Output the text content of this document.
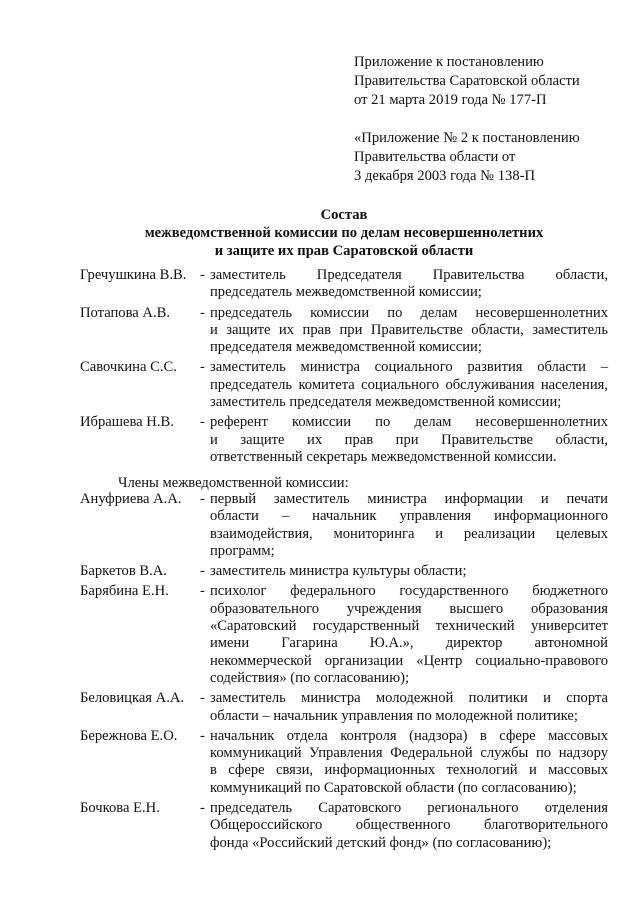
Приложение к постановлению
Правительства Саратовской области
от 21 марта 2019 года № 177-П
«Приложение № 2 к постановлению
Правительства области от
3 декабря 2003 года № 138-П
Состав
межведомственной комиссии по делам несовершеннолетних
и защите их прав Саратовской области
Гречушкина В.В. - заместитель Председателя Правительства области,
председатель межведомственной комиссии;
Потапова А.В. - председатель комиссии по делам несовершеннолетних
и защите их прав при Правительстве области, заместитель
председателя межведомственной комиссии;
Савочкина С.С. - заместитель министра социального развития области –
председатель комитета социального обслуживания населения,
заместитель председателя межведомственной комиссии;
Ибрашева Н.В. - референт комиссии по делам несовершеннолетних
и защите их прав при Правительстве области,
ответственный секретарь межведомственной комиссии.
Члены межведомственной комиссии:
Ануфриева А.А. - первый заместитель министра информации и печати
области – начальник управления информационного
взаимодействия, мониторинга и реализации целевых
программ;
Баркетов В.А. - заместитель министра культуры области;
Барябина Е.Н. - психолог федерального государственного бюджетного
образовательного учреждения высшего образования
«Саратовский государственный технический университет
имени Гагарина Ю.А.», директор автономной
некоммерческой организации «Центр социально-правового
содействия» (по согласованию);
Беловицкая А.А. - заместитель министра молодежной политики и спорта
области – начальник управления по молодежной политике;
Бережнова Е.О. - начальник отдела контроля (надзора) в сфере массовых
коммуникаций Управления Федеральной службы по надзору
в сфере связи, информационных технологий и массовых
коммуникаций по Саратовской области (по согласованию);
Бочкова Е.Н.	- председатель Саратовского регионального отделения
Общероссийского общественного благотворительного
фонда «Российский детский фонд» (по согласованию);
